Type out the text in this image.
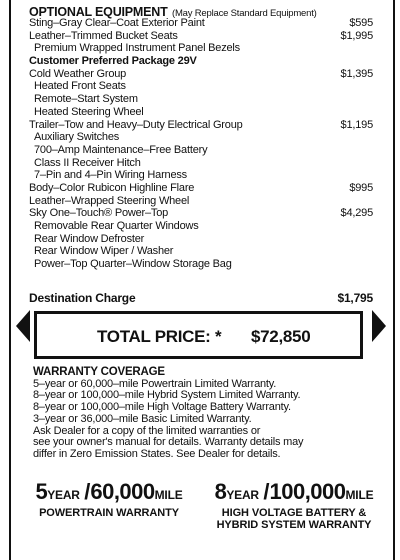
OPTIONAL EQUIPMENT (May Replace Standard Equipment)
Sting–Gray Clear–Coat Exterior Paint	$595
Leather–Trimmed Bucket Seats	$1,995
Premium Wrapped Instrument Panel Bezels
Customer Preferred Package 29V
Cold Weather Group	$1,395
Heated Front Seats
Remote–Start System
Heated Steering Wheel
Trailer–Tow and Heavy–Duty Electrical Group	$1,195
Auxiliary Switches
700–Amp Maintenance–Free Battery
Class II Receiver Hitch
7–Pin and 4–Pin Wiring Harness
Body–Color Rubicon Highline Flare	$995
Leather–Wrapped Steering Wheel
Sky One–Touch® Power–Top	$4,295
Removable Rear Quarter Windows
Rear Window Defroster
Rear Window Wiper / Washer
Power–Top Quarter–Window Storage Bag
Destination Charge	$1,795
TOTAL PRICE: * $72,850
WARRANTY COVERAGE
5–year or 60,000–mile Powertrain Limited Warranty.
8–year or 100,000–mile Hybrid System Limited Warranty.
8–year or 100,000–mile High Voltage Battery Warranty.
3–year or 36,000–mile Basic Limited Warranty.
Ask Dealer for a copy of the limited warranties or
see your owner's manual for details. Warranty details may
differ in Zero Emission States. See Dealer for details.
5YEAR /60,000MILE
POWERTRAIN WARRANTY
8YEAR /100,000MILE
HIGH VOLTAGE BATTERY &
HYBRID SYSTEM WARRANTY
